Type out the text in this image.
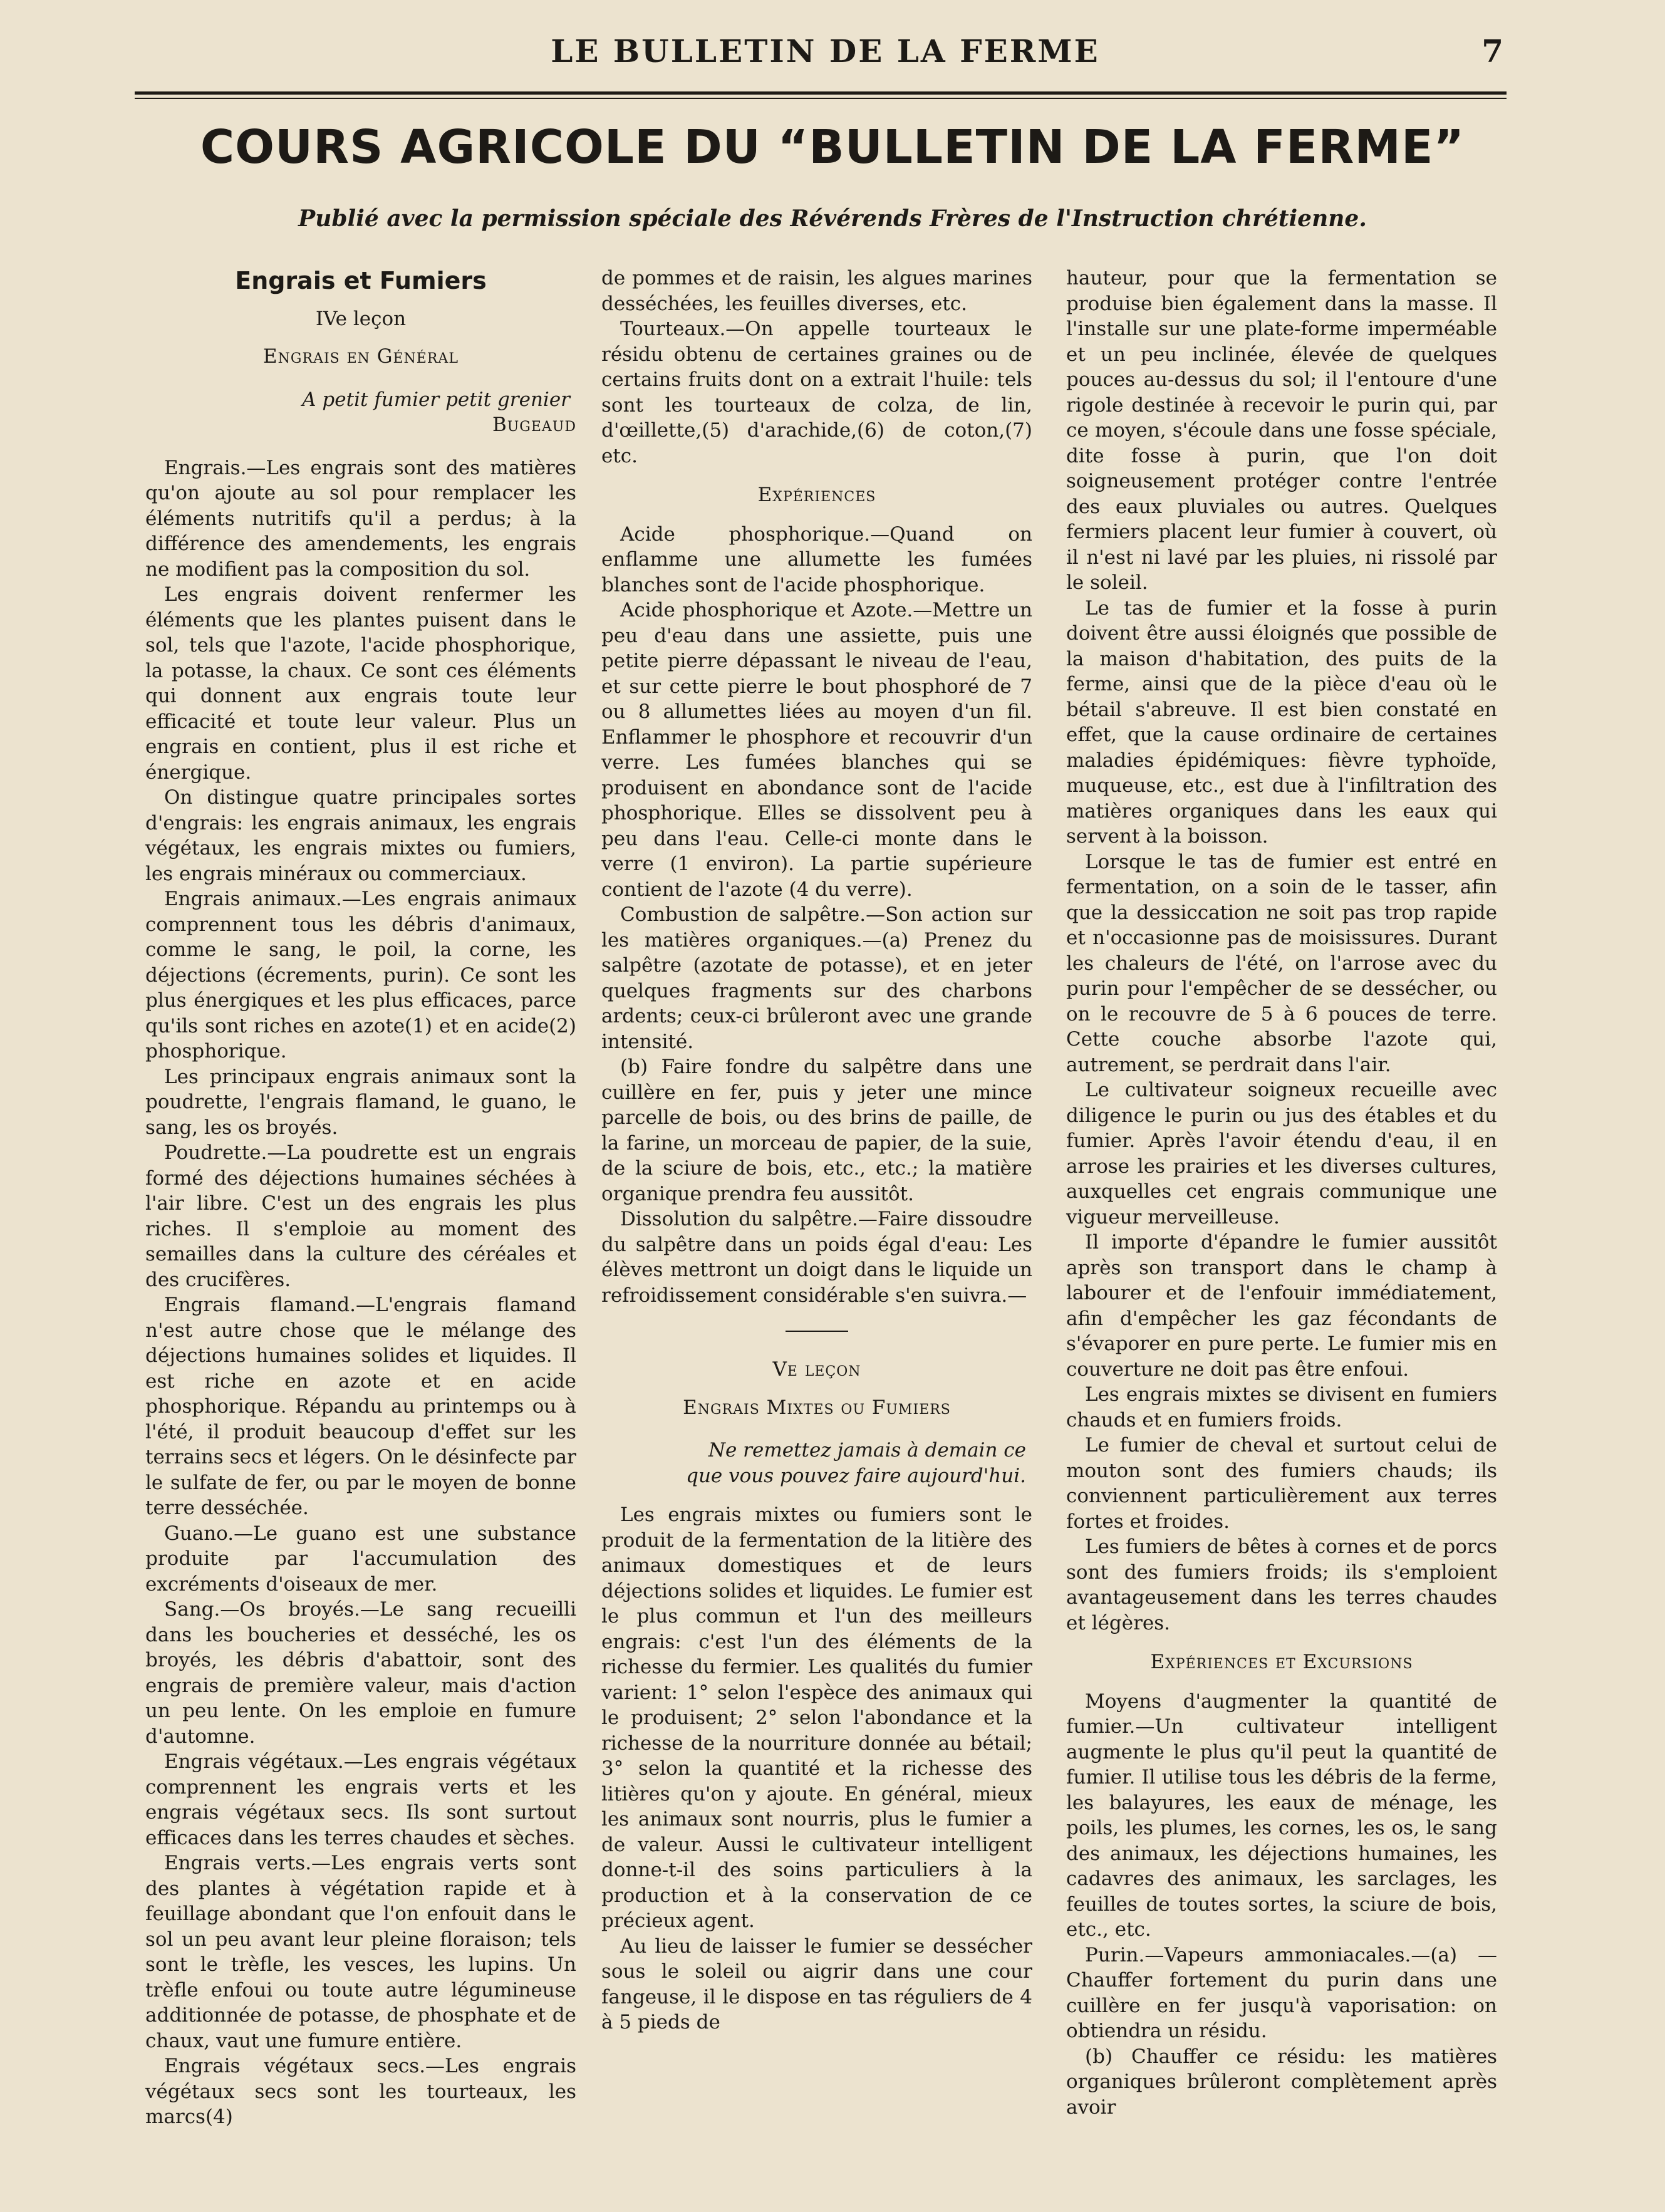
LE BULLETIN DE LA FERME	7
COURS AGRICOLE DU “BULLETIN DE LA FERME”
Publié avec la permission spéciale des Révérends Frères de l'Instruction chrétienne.
Engrais et Fumiers
IVe leçon
Engrais en Général
A petit fumier petit grenier
Bugeaud

Engrais.—Les engrais sont des matières qu'on ajoute au sol pour remplacer les éléments nutritifs qu'il a perdus; à la différence des amendements, les engrais ne modifient pas la composition du sol.

Les engrais doivent renfermer les éléments que les plantes puisent dans le sol, tels que l'azote, l'acide phosphorique, la potasse, la chaux. Ce sont ces éléments qui donnent aux engrais toute leur efficacité et toute leur valeur. Plus un engrais en contient, plus il est riche et énergique.

On distingue quatre principales sortes d'engrais: les engrais animaux, les engrais végétaux, les engrais mixtes ou fumiers, les engrais minéraux ou commerciaux.

Engrais animaux.—Les engrais animaux comprennent tous les débris d'animaux, comme le sang, le poil, la corne, les déjections (écrements, purin). Ce sont les plus énergiques et les plus efficaces, parce qu'ils sont riches en azote(1) et en acide(2) phosphorique.

Les principaux engrais animaux sont la poudrette, l'engrais flamand, le guano, le sang, les os broyés.

Poudrette.—La poudrette est un engrais formé des déjections humaines séchées à l'air libre. C'est un des engrais les plus riches. Il s'emploie au moment des semailles dans la culture des céréales et des crucifères.

Engrais flamand.—L'engrais flamand n'est autre chose que le mélange des déjections humaines solides et liquides. Il est riche en azote et en acide phosphorique. Répandu au printemps ou à l'été, il produit beaucoup d'effet sur les terrains secs et légers. On le désinfecte par le sulfate de fer, ou par le moyen de bonne terre desséchée.

Guano.—Le guano est une substance produite par l'accumulation des excréments d'oiseaux de mer.

Sang.—Os broyés.—Le sang recueilli dans les boucheries et desséché, les os broyés, les débris d'abattoir, sont des engrais de première valeur, mais d'action un peu lente. On les emploie en fumure d'automne.

Engrais végétaux.—Les engrais végétaux comprennent les engrais verts et les engrais végétaux secs. Ils sont surtout efficaces dans les terres chaudes et sèches.

Engrais verts.—Les engrais verts sont des plantes à végétation rapide et à feuillage abondant que l'on enfouit dans le sol un peu avant leur pleine floraison; tels sont le trèfle, les vesces, les lupins. Un trèfle enfoui ou toute autre légumineuse additionnée de potasse, de phosphate et de chaux, vaut une fumure entière.

Engrais végétaux secs.—Les engrais végétaux secs sont les tourteaux, les marcs(4)

de pommes et de raisin, les algues marines desséchées, les feuilles diverses, etc.

Tourteaux.—On appelle tourteaux le résidu obtenu de certaines graines ou de certains fruits dont on a extrait l'huile: tels sont les tourteaux de colza, de lin, d'œillette,(5) d'arachide,(6) de coton,(7) etc.

Expériences

Acide phosphorique.—Quand on enflamme une allumette les fumées blanches sont de l'acide phosphorique.

Acide phosphorique et Azote.—Mettre un peu d'eau dans une assiette, puis une petite pierre dépassant le niveau de l'eau, et sur cette pierre le bout phosphoré de 7 ou 8 allumettes liées au moyen d'un fil. Enflammer le phosphore et recouvrir d'un verre. Les fumées blanches qui se produisent en abondance sont de l'acide phosphorique. Elles se dissolvent peu à peu dans l'eau. Celle-ci monte dans le verre (1 environ). La partie supérieure contient de l'azote (4 du verre).

Combustion de salpêtre.—Son action sur les matières organiques.—(a) Prenez du salpêtre (azotate de potasse), et en jeter quelques fragments sur des charbons ardents; ceux-ci brûleront avec une grande intensité.

(b) Faire fondre du salpêtre dans une cuillère en fer, puis y jeter une mince parcelle de bois, ou des brins de paille, de la farine, un morceau de papier, de la suie, de la sciure de bois, etc., etc.; la matière organique prendra feu aussitôt.

Dissolution du salpêtre.—Faire dissoudre du salpêtre dans un poids égal d'eau: Les élèves mettront un doigt dans le liquide un refroidissement considérable s'en suivra.—

Ve leçon
Engrais Mixtes ou Fumiers
Ne remettez jamais à demain ce
que vous pouvez faire aujourd'hui.

Les engrais mixtes ou fumiers sont le produit de la fermentation de la litière des animaux domestiques et de leurs déjections solides et liquides. Le fumier est le plus commun et l'un des meilleurs engrais: c'est l'un des éléments de la richesse du fermier. Les qualités du fumier varient: 1° selon l'espèce des animaux qui le produisent; 2° selon l'abondance et la richesse de la nourriture donnée au bétail; 3° selon la quantité et la richesse des litières qu'on y ajoute. En général, mieux les animaux sont nourris, plus le fumier a de valeur. Aussi le cultivateur intelligent donne-t-il des soins particuliers à la production et à la conservation de ce précieux agent.

Au lieu de laisser le fumier se dessécher sous le soleil ou aigrir dans une cour fangeuse, il le dispose en tas réguliers de 4 à 5 pieds de

hauteur, pour que la fermentation se produise bien également dans la masse. Il l'installe sur une plate-forme imperméable et un peu inclinée, élevée de quelques pouces au-dessus du sol; il l'entoure d'une rigole destinée à recevoir le purin qui, par ce moyen, s'écoule dans une fosse spéciale, dite fosse à purin, que l'on doit soigneusement protéger contre l'entrée des eaux pluviales ou autres. Quelques fermiers placent leur fumier à couvert, où il n'est ni lavé par les pluies, ni rissolé par le soleil.

Le tas de fumier et la fosse à purin doivent être aussi éloignés que possible de la maison d'habitation, des puits de la ferme, ainsi que de la pièce d'eau où le bétail s'abreuve. Il est bien constaté en effet, que la cause ordinaire de certaines maladies épidémiques: fièvre typhoïde, muqueuse, etc., est due à l'infiltration des matières organiques dans les eaux qui servent à la boisson.

Lorsque le tas de fumier est entré en fermentation, on a soin de le tasser, afin que la dessiccation ne soit pas trop rapide et n'occasionne pas de moisissures. Durant les chaleurs de l'été, on l'arrose avec du purin pour l'empêcher de se dessécher, ou on le recouvre de 5 à 6 pouces de terre. Cette couche absorbe l'azote qui, autrement, se perdrait dans l'air.

Le cultivateur soigneux recueille avec diligence le purin ou jus des étables et du fumier. Après l'avoir étendu d'eau, il en arrose les prairies et les diverses cultures, auxquelles cet engrais communique une vigueur merveilleuse.

Il importe d'épandre le fumier aussitôt après son transport dans le champ à labourer et de l'enfouir immédiatement, afin d'empêcher les gaz fécondants de s'évaporer en pure perte. Le fumier mis en couverture ne doit pas être enfoui.

Les engrais mixtes se divisent en fumiers chauds et en fumiers froids.

Le fumier de cheval et surtout celui de mouton sont des fumiers chauds; ils conviennent particulièrement aux terres fortes et froides.

Les fumiers de bêtes à cornes et de porcs sont des fumiers froids; ils s'emploient avantageusement dans les terres chaudes et légères.

Expériences et Excursions

Moyens d'augmenter la quantité de fumier.—Un cultivateur intelligent augmente le plus qu'il peut la quantité de fumier. Il utilise tous les débris de la ferme, les balayures, les eaux de ménage, les poils, les plumes, les cornes, les os, le sang des animaux, les déjections humaines, les cadavres des animaux, les sarclages, les feuilles de toutes sortes, la sciure de bois, etc., etc.

Purin.—Vapeurs ammoniacales.—(a) — Chauffer fortement du purin dans une cuillère en fer jusqu'à vaporisation: on obtiendra un résidu.

(b) Chauffer ce résidu: les matières organiques brûleront complètement après avoir
